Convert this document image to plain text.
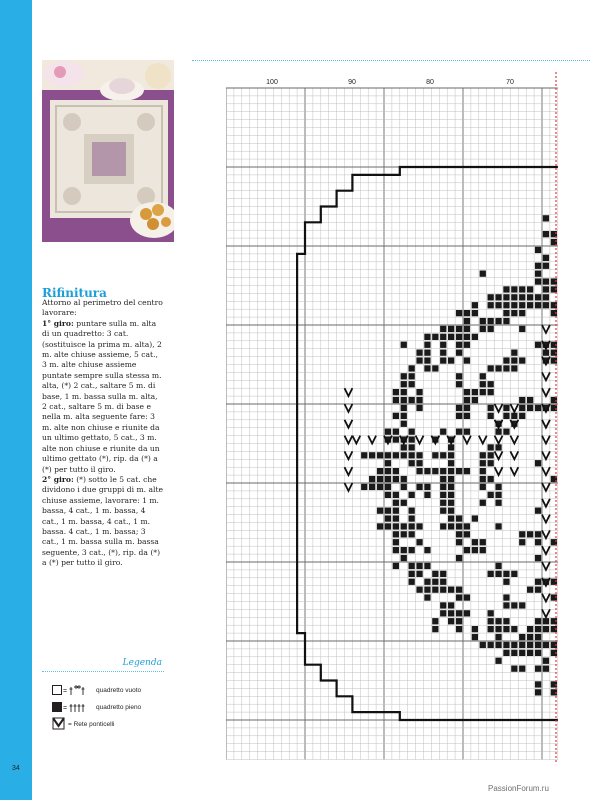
Rifinitura

Attorno al perimetro del centro lavorare:

1° giro: puntare sulla m. alta di un quadretto: 3 cat. (sostituisce la prima m. alta), 2 m. alte chiuse assieme, 5 cat., 3 m. alte chiuse assieme puntate sempre sulla stessa m. alta, (*) 2 cat., saltare 5 m. di base, 1 m. bassa sulla m. alta, 2 cat., saltare 5 m. di base e nella m. alta seguente fare: 3 m. alte non chiuse e riunite da un ultimo gettato, 5 cat., 3 m. alte non chiuse e riunite da un ultimo gettato (*), rip. da (*) a (*) per tutto il giro.

2° giro: (*) sotto le 5 cat. che dividono i due gruppi di m. alte chiuse assieme, lavorare: 1 m. bassa, 4 cat., 1 m. bassa, 4 cat., 1 m. bassa, 4 cat., 1 m. bassa. 4 cat., 1 m. bassa; 3 cat., 1 m. bassa sulla m. bassa seguente, 3 cat., (*), rip. da (*) a (*) per tutto il giro.

Legenda
=	quadretto vuoto
=	quadretto pieno
= Rete ponticelli
100	90	80	70
34
PassionForum.ru
